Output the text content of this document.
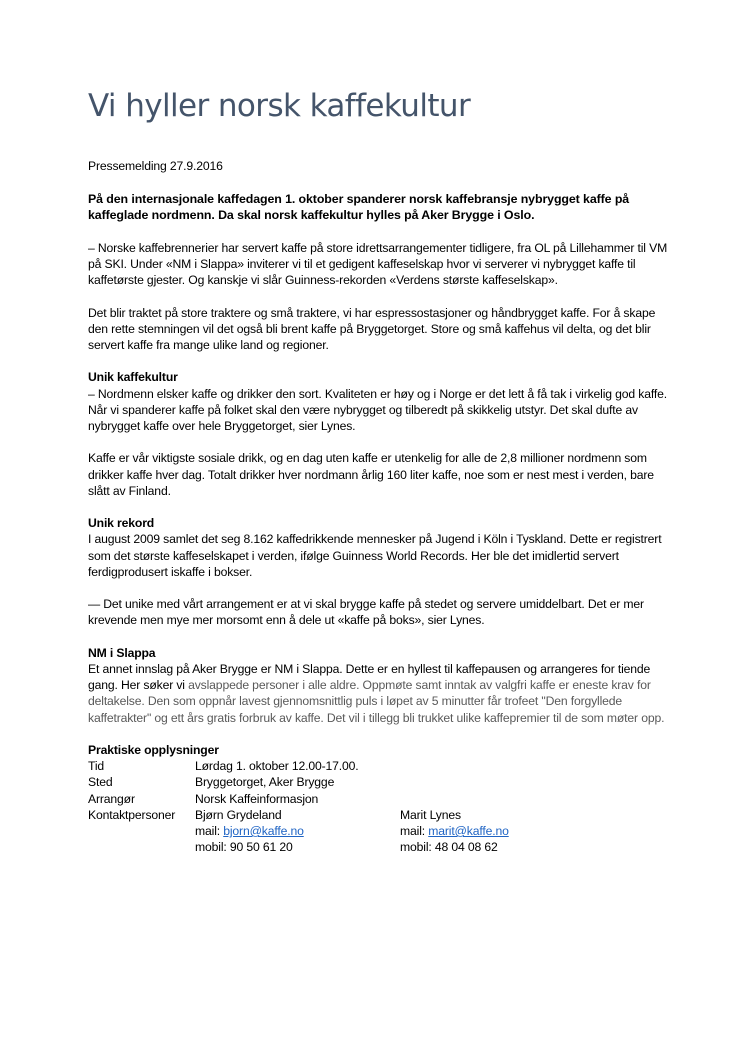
Vi hyller norsk kaffekultur

Pressemelding 27.9.2016

På den internasjonale kaffedagen 1. oktober spanderer norsk kaffebransje nybrygget kaffe på kaffeglade nordmenn. Da skal norsk kaffekultur hylles på Aker Brygge i Oslo.

– Norske kaffebrennerier har servert kaffe på store idrettsarrangementer tidligere, fra OL på Lillehammer til VM på SKI. Under «NM i Slappa» inviterer vi til et gedigent kaffeselskap hvor vi serverer vi nybrygget kaffe til kaffetørste gjester. Og kanskje vi slår Guinness-rekorden «Verdens største kaffeselskap».

Det blir traktet på store traktere og små traktere, vi har espressostasjoner og håndbrygget kaffe. For å skape den rette stemningen vil det også bli brent kaffe på Bryggetorget. Store og små kaffehus vil delta, og det blir servert kaffe fra mange ulike land og regioner.

Unik kaffekultur
– Nordmenn elsker kaffe og drikker den sort. Kvaliteten er høy og i Norge er det lett å få tak i virkelig god kaffe. Når vi spanderer kaffe på folket skal den være nybrygget og tilberedt på skikkelig utstyr. Det skal dufte av nybrygget kaffe over hele Bryggetorget, sier Lynes.

Kaffe er vår viktigste sosiale drikk, og en dag uten kaffe er utenkelig for alle de 2,8 millioner nordmenn som drikker kaffe hver dag. Totalt drikker hver nordmann årlig 160 liter kaffe, noe som er nest mest i verden, bare slått av Finland.

Unik rekord
I august 2009 samlet det seg 8.162 kaffedrikkende mennesker på Jugend i Köln i Tyskland. Dette er registrert som det største kaffeselskapet i verden, ifølge Guinness World Records. Her ble det imidlertid servert ferdigprodusert iskaffe i bokser.

— Det unike med vårt arrangement er at vi skal brygge kaffe på stedet og servere umiddelbart. Det er mer krevende men mye mer morsomt enn å dele ut «kaffe på boks», sier Lynes.

NM i Slappa
Et annet innslag på Aker Brygge er NM i Slappa. Dette er en hyllest til kaffepausen og arrangeres for tiende gang. Her søker vi avslappede personer i alle aldre. Oppmøte samt inntak av valgfri kaffe er eneste krav for deltakelse. Den som oppnår lavest gjennomsnittlig puls i løpet av 5 minutter får trofeet "Den forgyllede kaffetrakter" og ett års gratis forbruk av kaffe. Det vil i tillegg bli trukket ulike kaffepremier til de som møter opp.

Praktiske opplysninger
Tid	Lørdag 1. oktober 12.00-17.00.	
Sted	Bryggetorget, Aker Brygge	
Arrangør	Norsk Kaffeinformasjon	
Kontaktpersoner	Bjørn Grydeland	Marit Lynes
	mail: bjorn@kaffe.no	mail: marit@kaffe.no
	mobil: 90 50 61 20	mobil: 48 04 08 62
